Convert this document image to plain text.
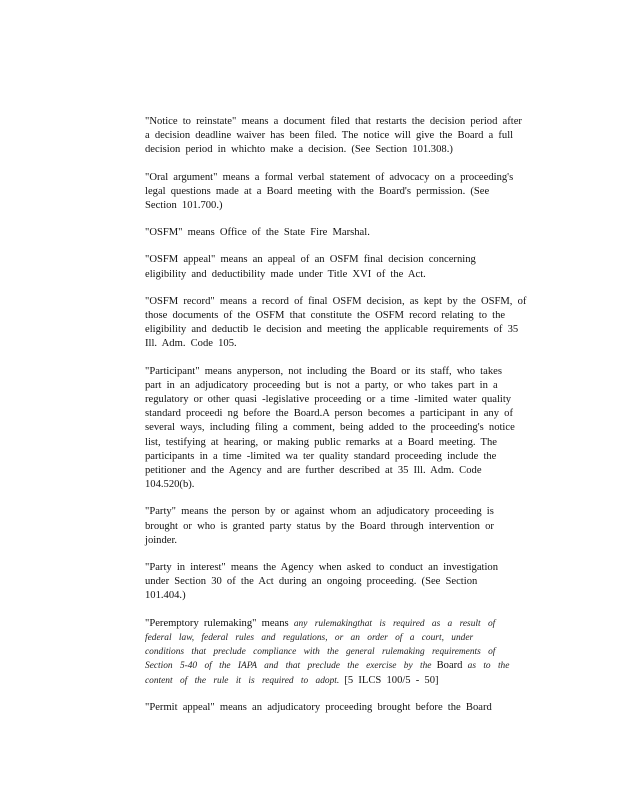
"Notice to reinstate" means a document filed that restarts the decision period after
a decision deadline waiver has been filed. The notice will give the Board a full
decision period in whichto make a decision. (See Section 101.308.)
"Oral argument" means a formal verbal statement of advocacy on a proceeding's
legal questions made at a Board meeting with the Board's permission. (See
Section 101.700.)
"OSFM" means Office of the State Fire Marshal.
"OSFM appeal" means an appeal of an OSFM final decision concerning
eligibility and deductibility made under Title XVI of the Act.
"OSFM record" means a record of final OSFM decision, as kept by the OSFM, of
those documents of the OSFM that constitute the OSFM record relating to the
eligibility and deductib le decision and meeting the applicable requirements of 35
Ill. Adm. Code 105.
"Participant" means anyperson, not including the Board or its staff, who takes
part in an adjudicatory proceeding but is not a party, or who takes part in a
regulatory or other quasi -legislative proceeding or a time -limited water quality
standard proceedi ng before the Board.A person becomes a participant in any of
several ways, including filing a comment, being added to the proceeding's notice
list, testifying at hearing, or making public remarks at a Board meeting. The
participants in a time -limited wa ter quality standard proceeding include the
petitioner and the Agency and are further described at 35 Ill. Adm. Code
104.520(b).
"Party" means the person by or against whom an adjudicatory proceeding is
brought or who is granted party status by the Board through intervention or
joinder.
"Party in interest" means the Agency when asked to conduct an investigation
under Section 30 of the Act during an ongoing proceeding. (See Section
101.404.)
"Peremptory rulemaking" means any rulemakingthat is required as a result of
federal law, federal rules and regulations, or an order of a court, under
conditions that preclude compliance with the general rulemaking requirements of
Section 5-40 of the IAPA and that preclude the exercise by the Board as to the
content of the rule it is required to adopt. [5 ILCS 100/5 - 50]
"Permit appeal" means an adjudicatory proceeding brought before the Board
